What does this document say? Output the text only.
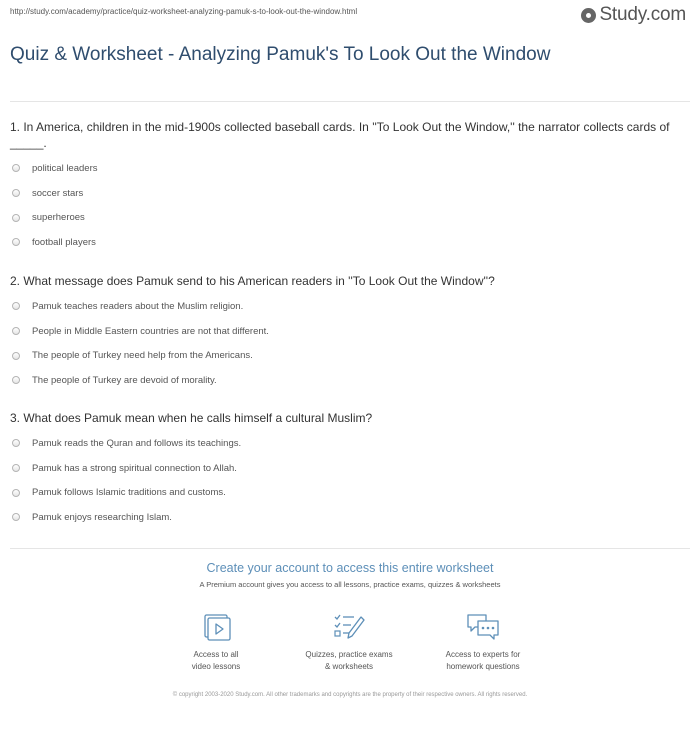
http://study.com/academy/practice/quiz-worksheet-analyzing-pamuk-s-to-look-out-the-window.html	Study.com
Quiz & Worksheet - Analyzing Pamuk's To Look Out the Window

1. In America, children in the mid-1900s collected baseball cards. In ''To Look Out the Window,'' the narrator collects cards of _____.

political leaders
soccer stars
superheroes
football players

2. What message does Pamuk send to his American readers in ''To Look Out the Window''?

Pamuk teaches readers about the Muslim religion.
People in Middle Eastern countries are not that different.
The people of Turkey need help from the Americans.
The people of Turkey are devoid of morality.

3. What does Pamuk mean when he calls himself a cultural Muslim?

Pamuk reads the Quran and follows its teachings.
Pamuk has a strong spiritual connection to Allah.
Pamuk follows Islamic traditions and customs.
Pamuk enjoys researching Islam.
Create your account to access this entire worksheet
A Premium account gives you access to all lessons, practice exams, quizzes & worksheets
Access to all
video lessons
Quizzes, practice exams
& worksheets
Access to experts for
homework questions
© copyright 2003-2020 Study.com. All other trademarks and copyrights are the property of their respective owners. All rights reserved.
